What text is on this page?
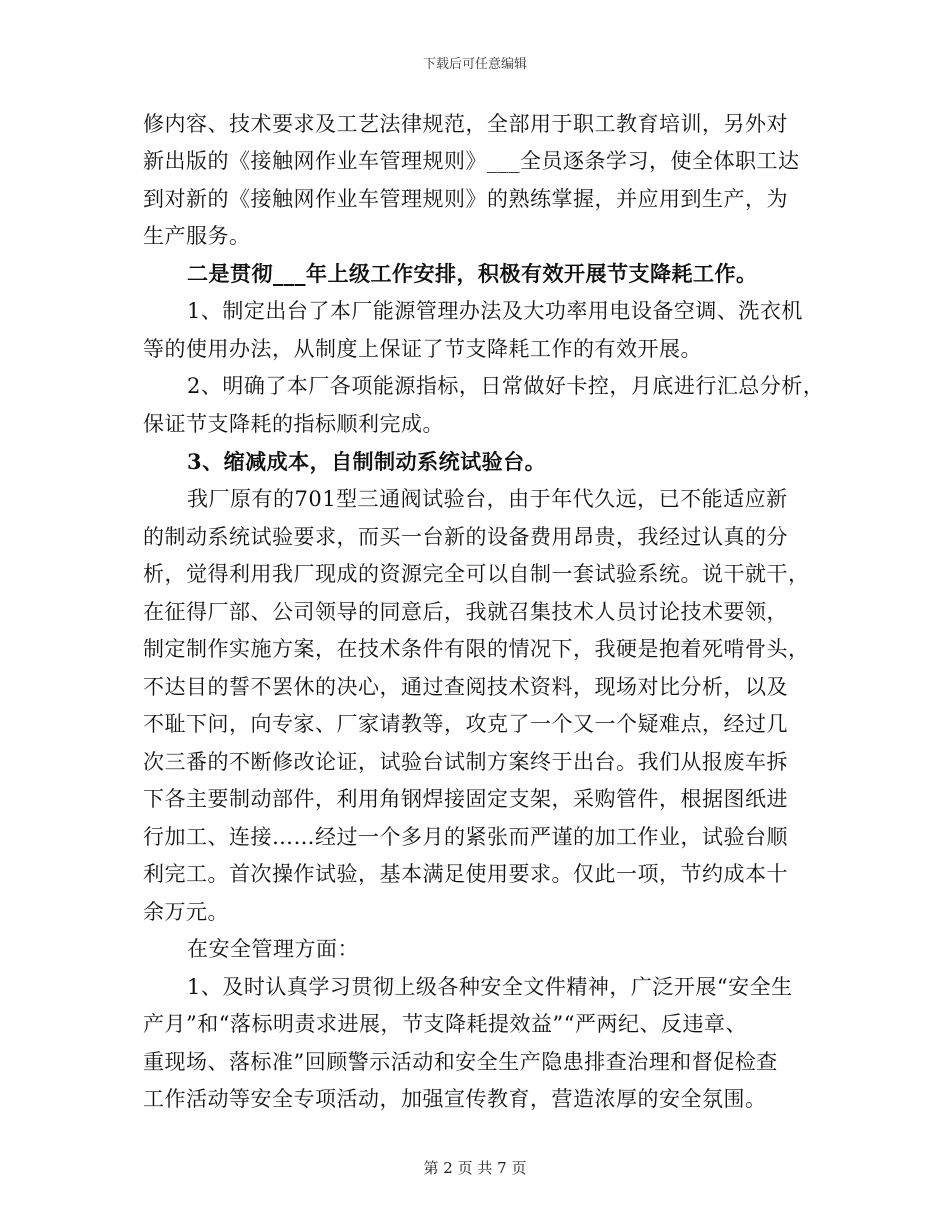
下载后可任意编辑
修内容、技术要求及工艺法律规范，全部用于职工教育培训，另外对
新出版的《接触网作业车管理规则》___全员逐条学习，使全体职工达
到对新的《接触网作业车管理规则》的熟练掌握，并应用到生产，为
生产服务。
二是贯彻___年上级工作安排，积极有效开展节支降耗工作。
1、制定出台了本厂能源管理办法及大功率用电设备空调、洗衣机
等的使用办法，从制度上保证了节支降耗工作的有效开展。
2、明确了本厂各项能源指标，日常做好卡控，月底进行汇总分析，
保证节支降耗的指标顺利完成。
3、缩减成本，自制制动系统试验台。
我厂原有的701型三通阀试验台，由于年代久远，已不能适应新
的制动系统试验要求，而买一台新的设备费用昂贵，我经过认真的分
析，觉得利用我厂现成的资源完全可以自制一套试验系统。说干就干，
在征得厂部、公司领导的同意后，我就召集技术人员讨论技术要领，
制定制作实施方案，在技术条件有限的情况下，我硬是抱着死啃骨头，
不达目的誓不罢休的决心，通过查阅技术资料，现场对比分析，以及
不耻下问，向专家、厂家请教等，攻克了一个又一个疑难点，经过几
次三番的不断修改论证，试验台试制方案终于出台。我们从报废车拆
下各主要制动部件，利用角钢焊接固定支架，采购管件，根据图纸进
行加工、连接……经过一个多月的紧张而严谨的加工作业，试验台顺
利完工。首次操作试验，基本满足使用要求。仅此一项，节约成本十
余万元。
在安全管理方面：
1、及时认真学习贯彻上级各种安全文件精神，广泛开展“安全生
产月”和“落标明责求进展，节支降耗提效益”“严两纪、反违章、
重现场、落标准”回顾警示活动和安全生产隐患排查治理和督促检查
工作活动等安全专项活动，加强宣传教育，营造浓厚的安全氛围。
第 2 页 共 7 页
